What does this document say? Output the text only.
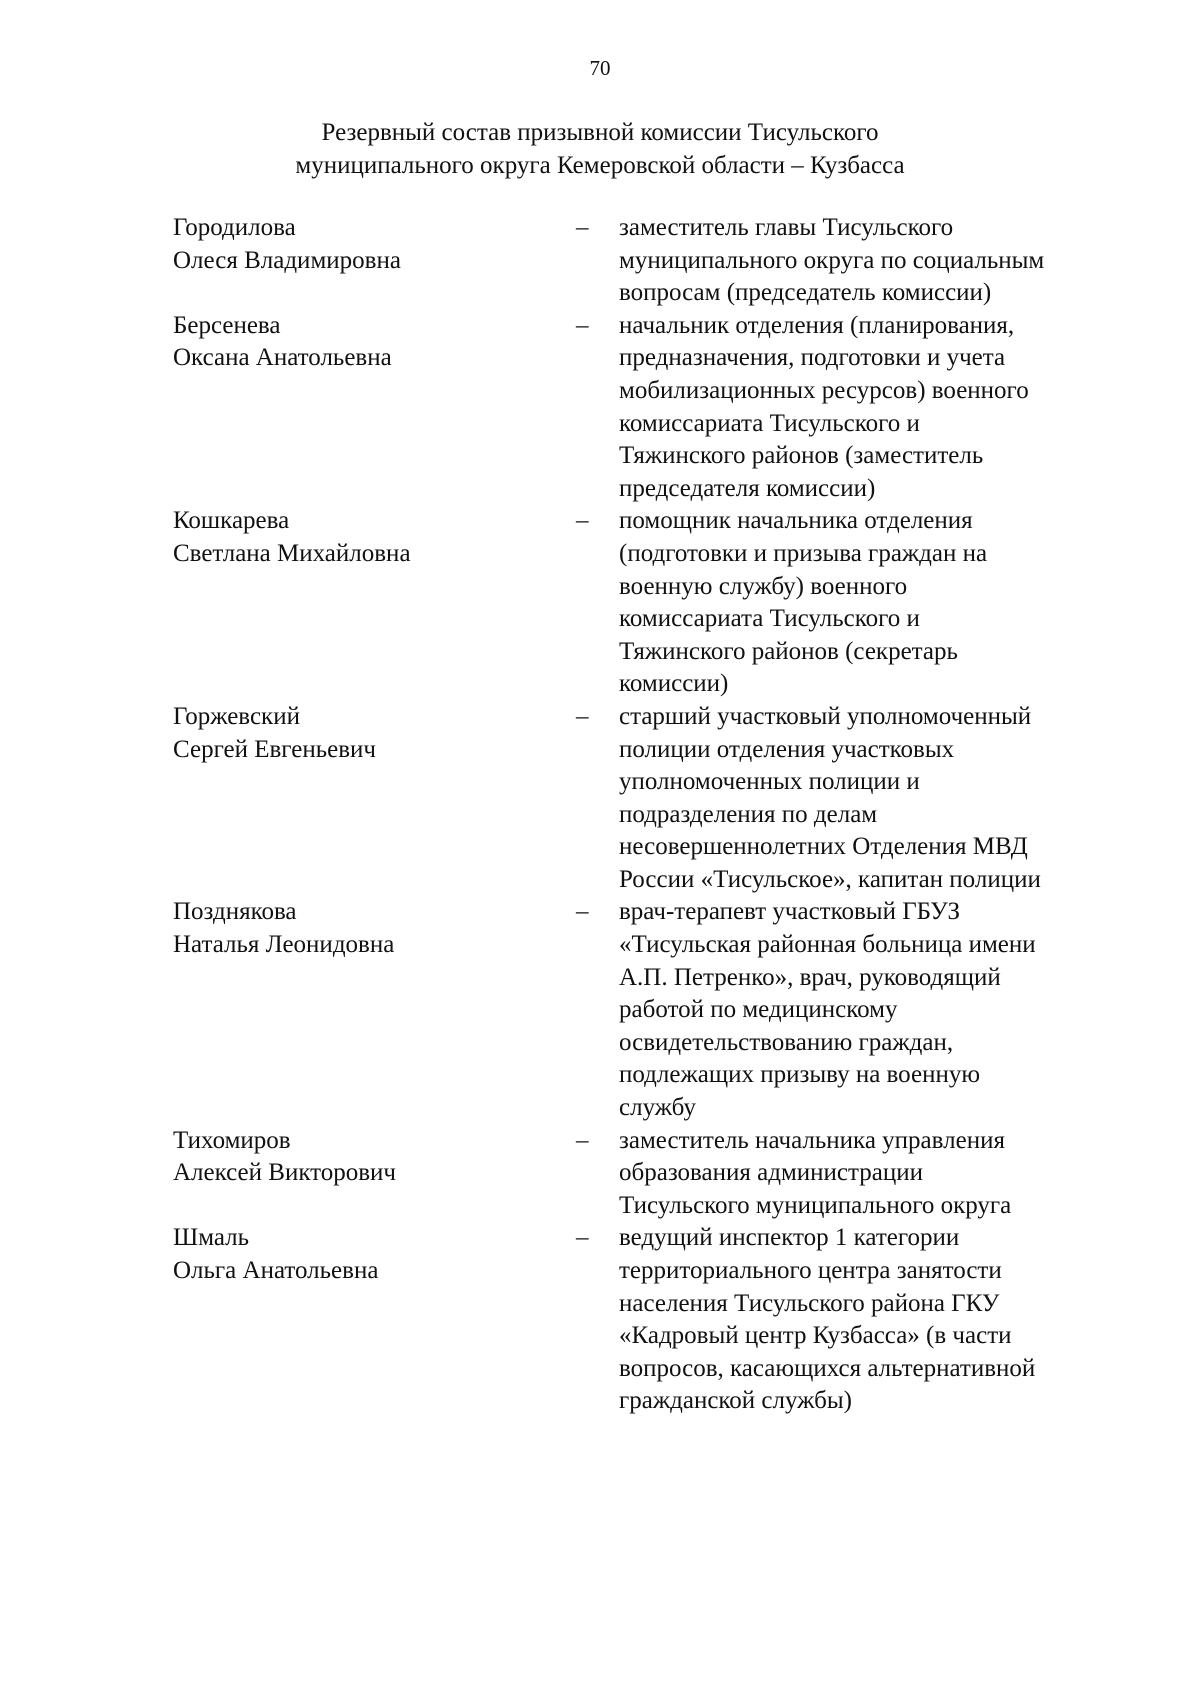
70
Резервный состав призывной комиссии Тисульского
муниципального округа Кемеровской области – Кузбасса
Городилова
Олеся Владимировна
– заместитель главы Тисульского
муниципального округа по социальным
вопросам (председатель комиссии)
Берсенева
Оксана Анатольевна
– начальник отделения (планирования,
предназначения, подготовки и учета
мобилизационных ресурсов) военного
комиссариата Тисульского и
Тяжинского районов (заместитель
председателя комиссии)
Кошкарева
Светлана Михайловна
– помощник начальника отделения
(подготовки и призыва граждан на
военную службу) военного
комиссариата Тисульского и
Тяжинского районов (секретарь
комиссии)
Горжевский
Сергей Евгеньевич
– старший участковый уполномоченный
полиции отделения участковых
уполномоченных полиции и
подразделения по делам
несовершеннолетних Отделения МВД
России «Тисульское», капитан полиции
Позднякова
Наталья Леонидовна
– врач-терапевт участковый ГБУЗ
«Тисульская районная больница имени
А.П. Петренко», врач, руководящий
работой по медицинскому
освидетельствованию граждан,
подлежащих призыву на военную
службу
Тихомиров
Алексей Викторович
– заместитель начальника управления
образования администрации
Тисульского муниципального округа
Шмаль
Ольга Анатольевна
– ведущий инспектор 1 категории
территориального центра занятости
населения Тисульского района ГКУ
«Кадровый центр Кузбасса» (в части
вопросов, касающихся альтернативной
гражданской службы)
